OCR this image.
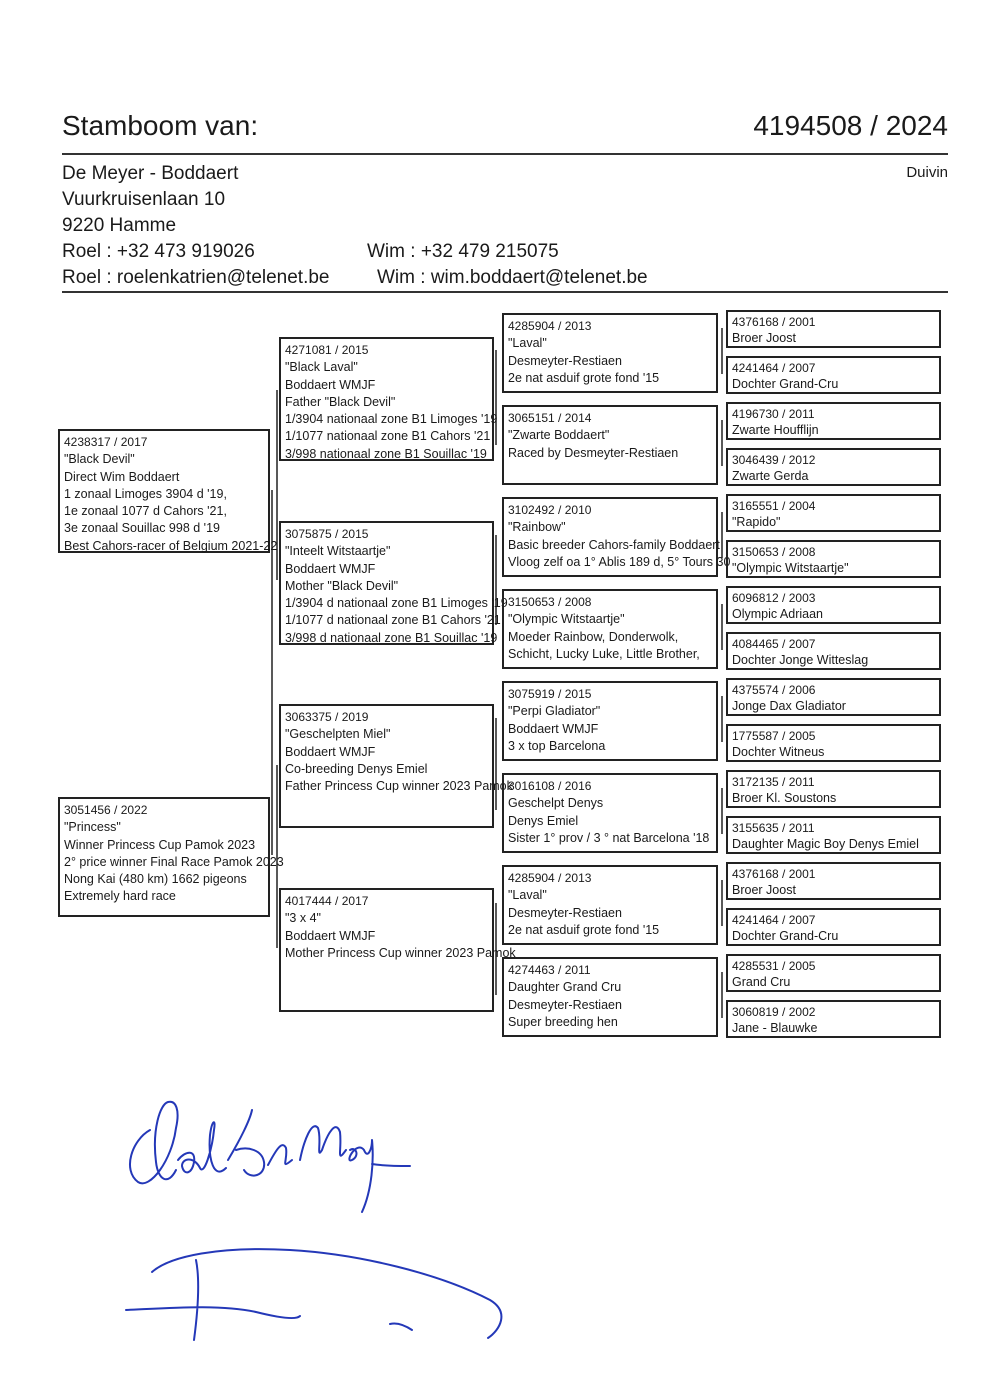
Stamboom van:	4194508 / 2024
Duivin
De Meyer - Boddaert
Vuurkruisenlaan 10
9220 Hamme
Roel : +32 473 919026	Wim : +32 479 215075
Roel : roelenkatrien@telenet.be Wim : wim.boddaert@telenet.be
4238317 / 2017
"Black Devil"
Direct Wim Boddaert
1 zonaal Limoges 3904 d '19,
1e zonaal 1077 d Cahors '21,
3e zonaal Souillac 998 d '19
Best Cahors-racer of Belgium 2021-22
3051456 / 2022
"Princess"
Winner Princess Cup Pamok 2023
2° price winner Final Race Pamok 2023
Nong Kai (480 km) 1662 pigeons
Extremely hard race
4271081 / 2015
"Black Laval"
Boddaert WMJF
Father "Black Devil"
1/3904 nationaal zone B1 Limoges '19
1/1077 nationaal zone B1 Cahors '21
3/998 nationaal zone B1 Souillac '19
3075875 / 2015
"Inteelt Witstaartje"
Boddaert WMJF
Mother "Black Devil"
1/3904 d nationaal zone B1 Limoges '19
1/1077 d nationaal zone B1 Cahors '21
3/998 d nationaal zone B1 Souillac '19
3063375 / 2019
"Geschelpten Miel"
Boddaert WMJF
Co-breeding Denys Emiel
Father Princess Cup winner 2023 Pamok
4017444 / 2017
"3 x 4"
Boddaert WMJF
Mother Princess Cup winner 2023 Pamok
4285904 / 2013
"Laval"
Desmeyter-Restiaen
2e nat asduif grote fond '15
3065151 / 2014
"Zwarte Boddaert"
Raced by Desmeyter-Restiaen
3102492 / 2010
"Rainbow"
Basic breeder Cahors-family Boddaert
Vloog zelf oa 1° Ablis 189 d, 5° Tours 30
3150653 / 2008
"Olympic Witstaartje"
Moeder Rainbow, Donderwolk,
Schicht, Lucky Luke, Little Brother,
3075919 / 2015
"Perpi Gladiator"
Boddaert WMJF
3 x top Barcelona
3016108 / 2016
Geschelpt Denys
Denys Emiel
Sister 1° prov / 3 ° nat Barcelona '18
4285904 / 2013
"Laval"
Desmeyter-Restiaen
2e nat asduif grote fond '15
4274463 / 2011
Daughter Grand Cru
Desmeyter-Restiaen
Super breeding hen
4376168 / 2001
Broer Joost
4241464 / 2007
Dochter Grand-Cru
4196730 / 2011
Zwarte Houfflijn
3046439 / 2012
Zwarte Gerda
3165551 / 2004
"Rapido"
3150653 / 2008
"Olympic Witstaartje"
6096812 / 2003
Olympic Adriaan
4084465 / 2007
Dochter Jonge Witteslag
4375574 / 2006
Jonge Dax Gladiator
1775587 / 2005
Dochter Witneus
3172135 / 2011
Broer Kl. Soustons
3155635 / 2011
Daughter Magic Boy Denys Emiel
4376168 / 2001
Broer Joost
4241464 / 2007
Dochter Grand-Cru
4285531 / 2005
Grand Cru
3060819 / 2002
Jane - Blauwke
